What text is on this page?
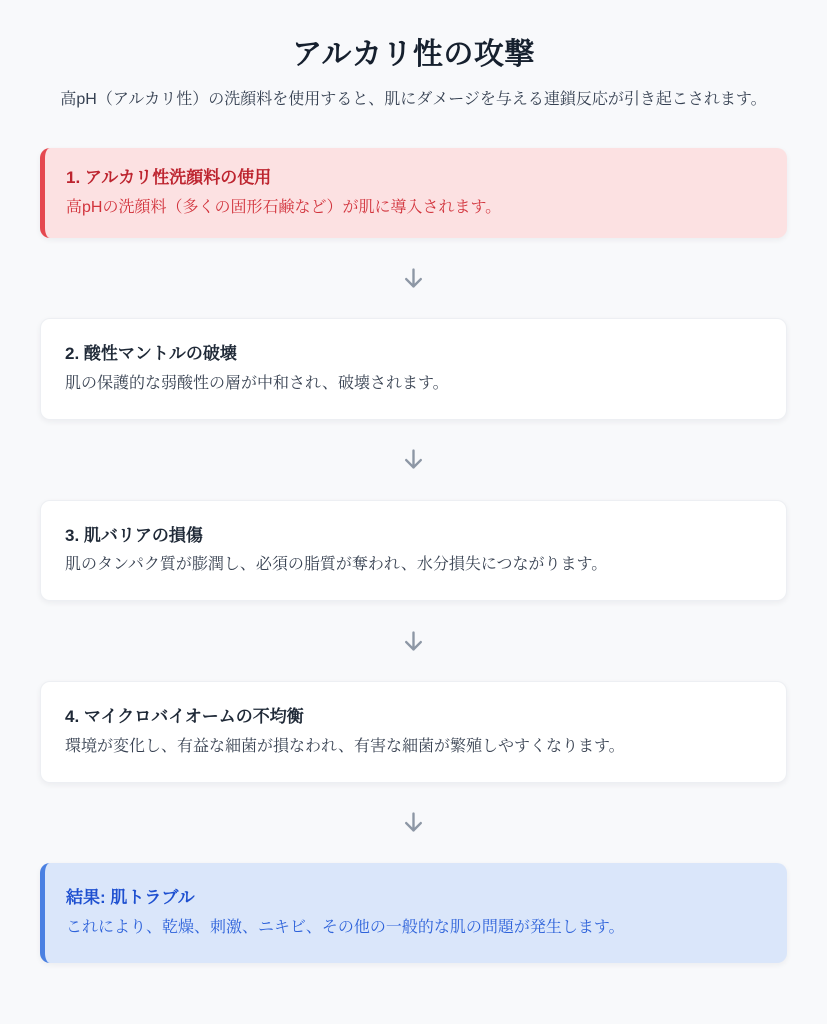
アルカリ性の攻撃

高pH（アルカリ性）の洗顔料を使用すると、肌にダメージを与える連鎖反応が引き起こされます。

1. アルカリ性洗顔料の使用

高pHの洗顔料（多くの固形石鹸など）が肌に導入されます。

2. 酸性マントルの破壊

肌の保護的な弱酸性の層が中和され、破壊されます。

3. 肌バリアの損傷

肌のタンパク質が膨潤し、必須の脂質が奪われ、水分損失につながります。

4. マイクロバイオームの不均衡

環境が変化し、有益な細菌が損なわれ、有害な細菌が繁殖しやすくなります。

結果: 肌トラブル

これにより、乾燥、刺激、ニキビ、その他の一般的な肌の問題が発生します。
